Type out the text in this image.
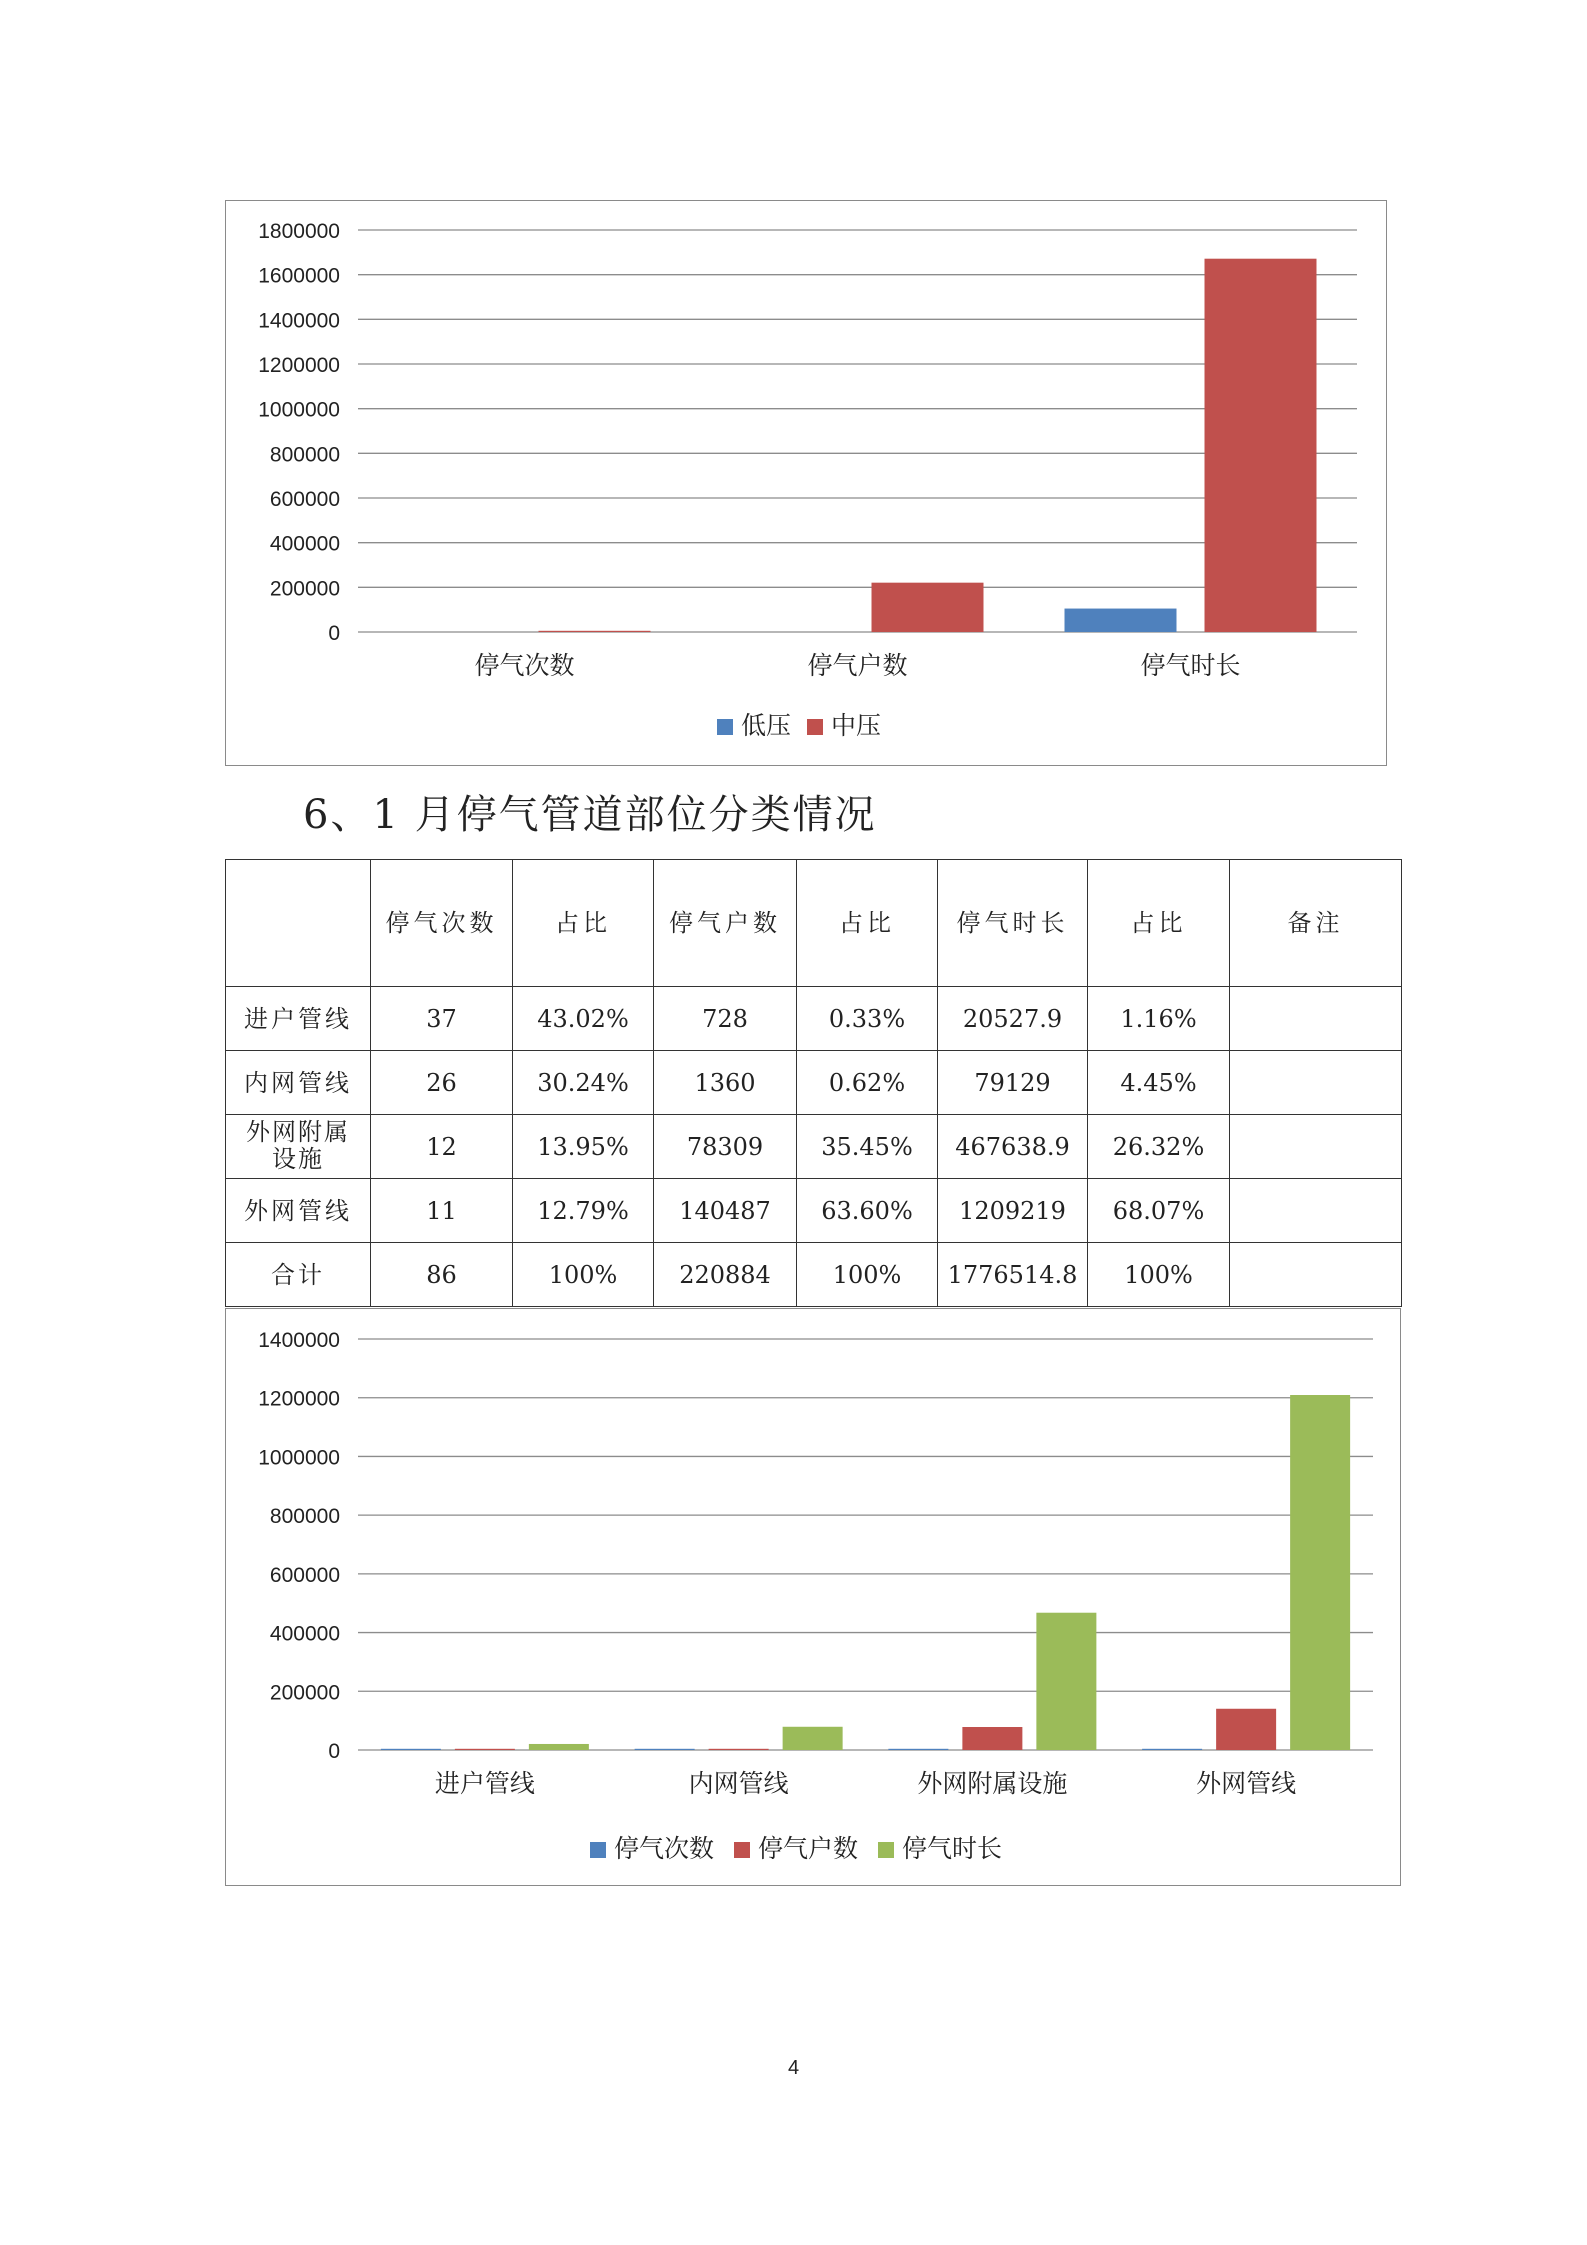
1800000
1600000
1400000
1200000
1000000
800000
600000
400000
200000
0
停气次数	停气户数	停气时长
低压 中压
6、1 月停气管道部位分类情况
	停气次数	占比	停气户数	占比	停气时长	占比	备注
进户管线	37	43.02%	728	0.33%	20527.9	1.16%	
内网管线	26	30.24%	1360	0.62%	79129	4.45%	
外网附属设施	12	13.95%	78309	35.45%	467638.9	26.32%	
外网管线	11	12.79%	140487	63.60%	1209219	68.07%	
合计	86	100%	220884	100%	1776514.8	100%	
1400000
1200000
1000000
800000
600000
400000
200000
0
进户管线	内网管线	外网附属设施	外网管线
停气次数 停气户数 停气时长
4
